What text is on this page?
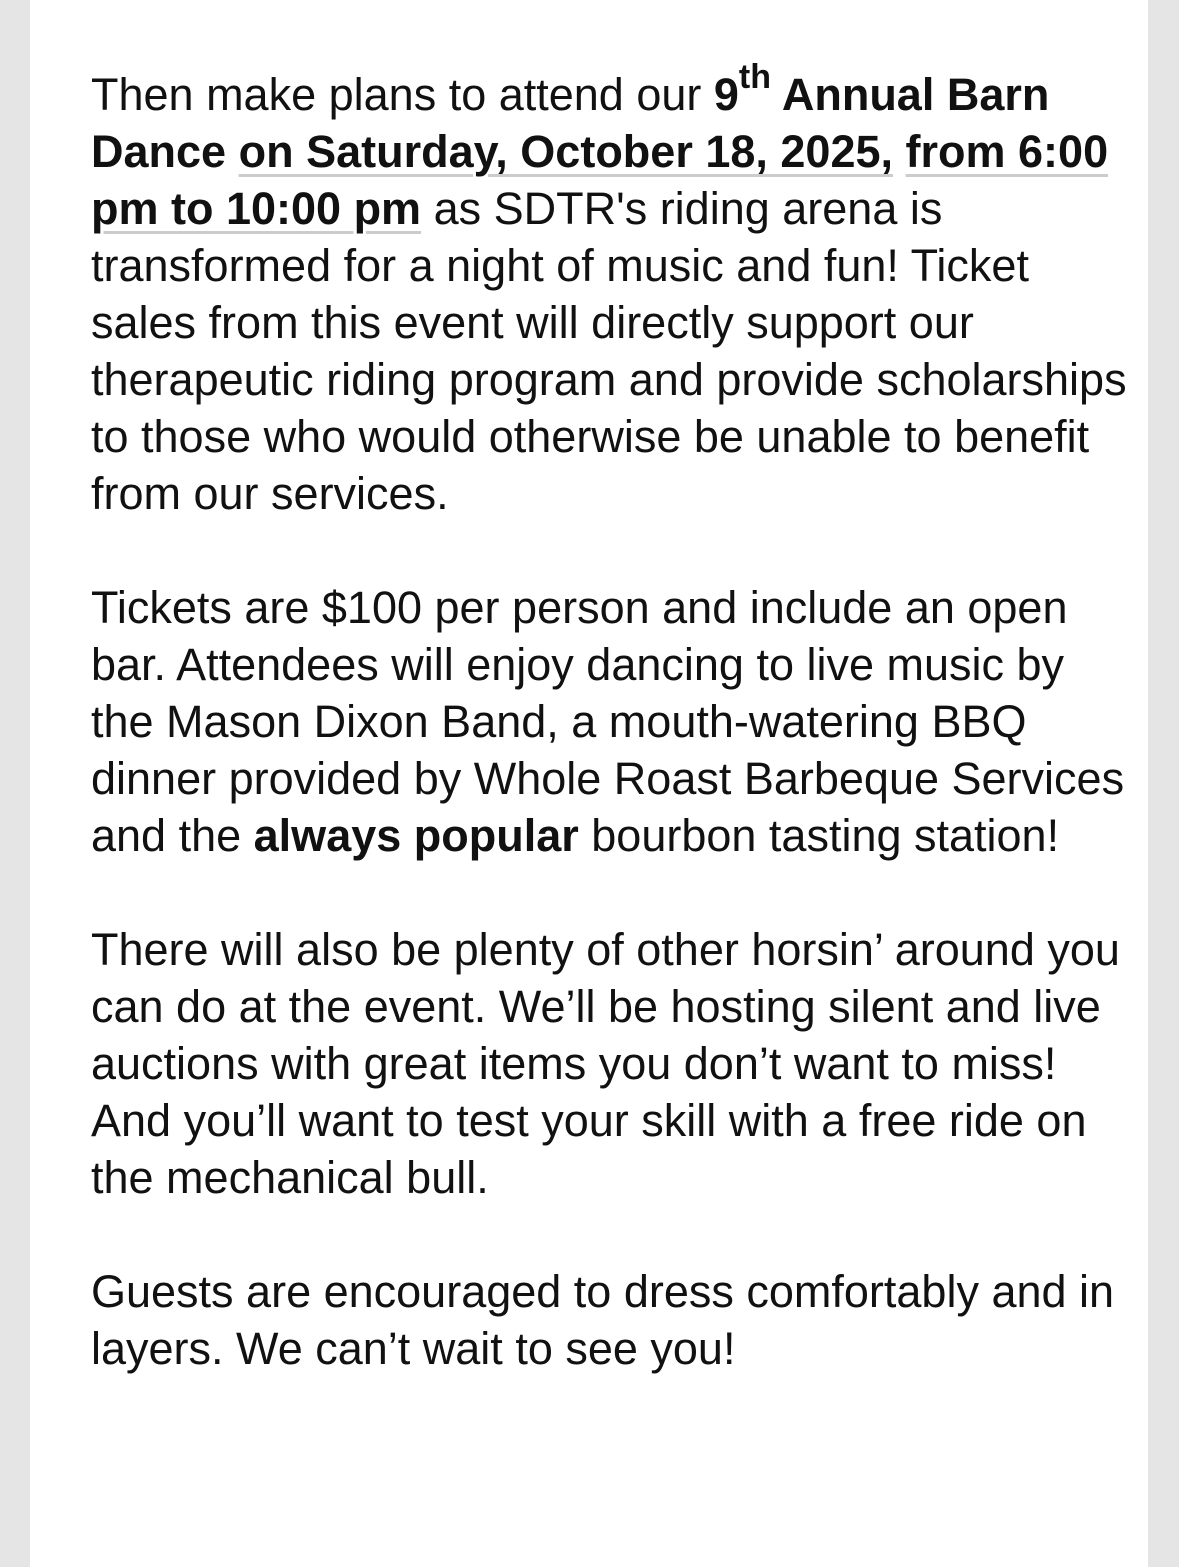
Then make plans to attend our 9th Annual Barn Dance on Saturday, October 18, 2025, from 6:00 pm to 10:00 pm as SDTR's riding arena is transformed for a night of music and fun! Ticket sales from this event will directly support our therapeutic riding program and provide scholarships to those who would otherwise be unable to benefit from our services.

Tickets are $100 per person and include an open bar. Attendees will enjoy dancing to live music by the Mason Dixon Band, a mouth-watering BBQ dinner provided by Whole Roast Barbeque Services and the always popular bourbon tasting station!

There will also be plenty of other horsin’ around you can do at the event. We’ll be hosting silent and live auctions with great items you don’t want to miss! And you’ll want to test your skill with a free ride on the mechanical bull.

Guests are encouraged to dress comfortably and in layers. We can’t wait to see you!
